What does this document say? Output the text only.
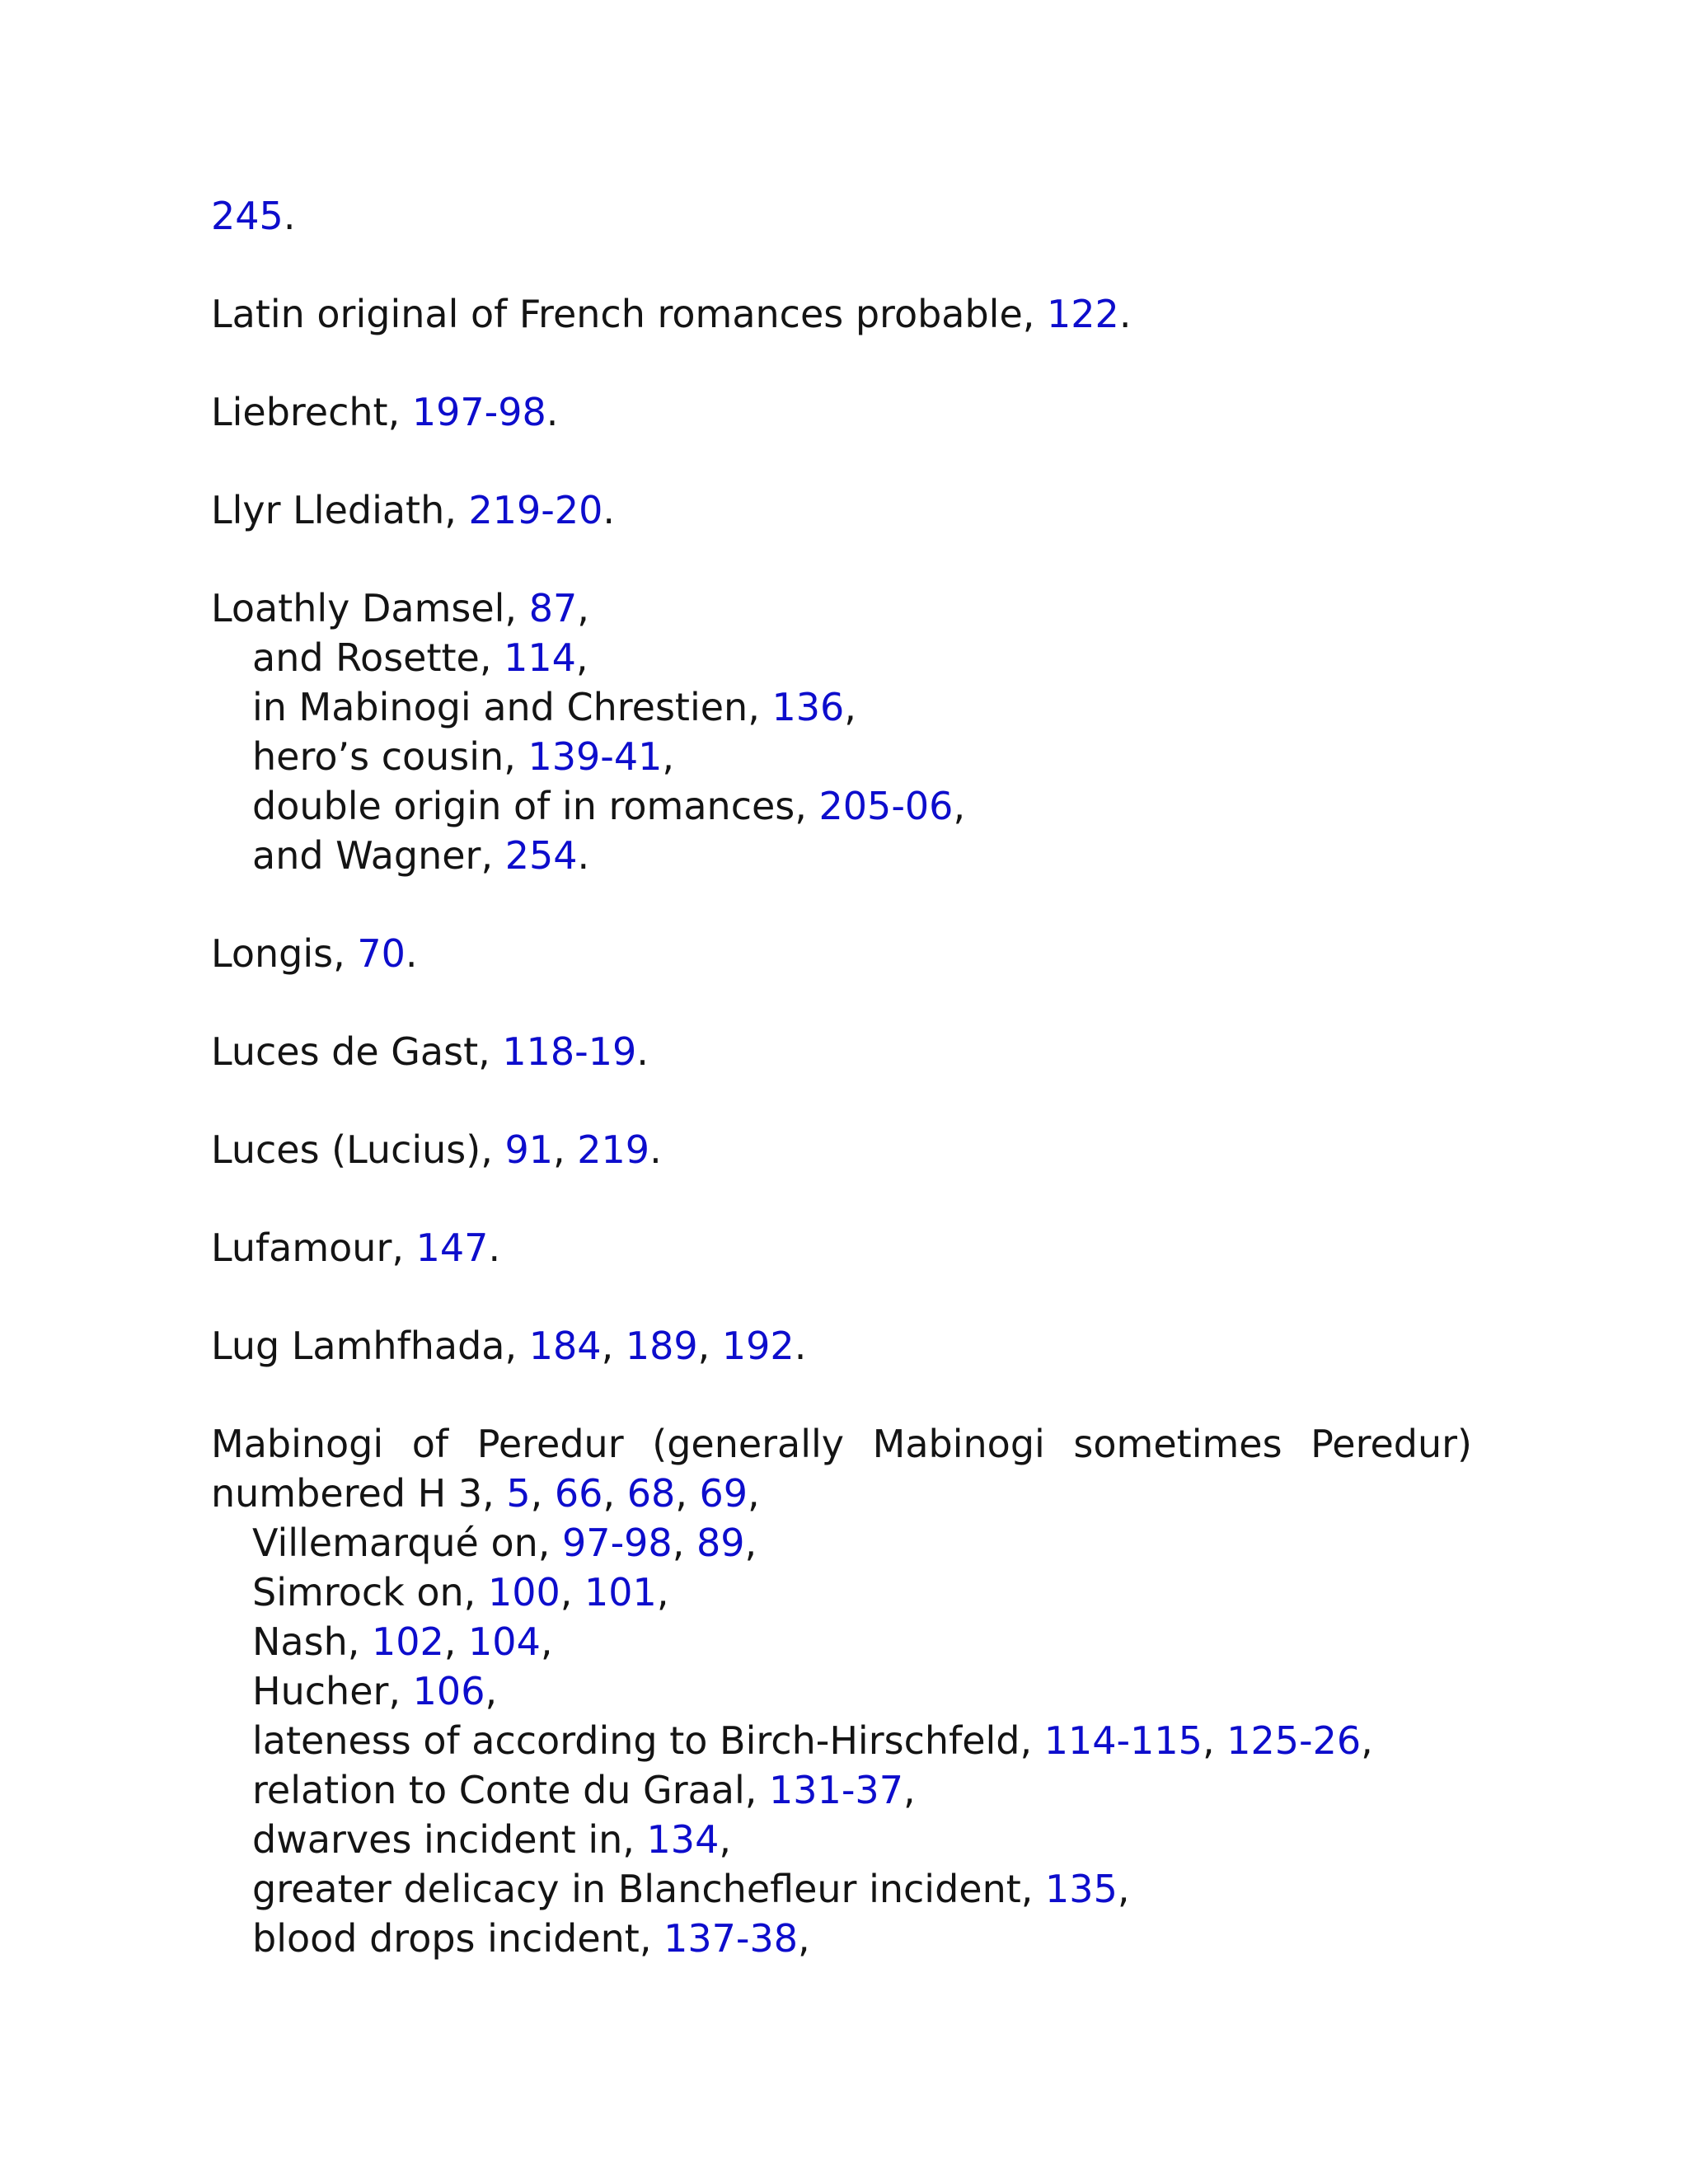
245.
Latin original of French romances probable, 122.
Liebrecht, 197-98.
Llyr Llediath, 219-20.
Loathly Damsel, 87,
and Rosette, 114,
in Mabinogi and Chrestien, 136,
hero’s cousin, 139-41,
double origin of in romances, 205-06,
and Wagner, 254.
Longis, 70.
Luces de Gast, 118-19.
Luces (Lucius), 91, 219.
Lufamour, 147.
Lug Lamhfhada, 184, 189, 192.
Mabinogi of Peredur (generally Mabinogi sometimes Peredur)
numbered H 3, 5, 66, 68, 69,
Villemarqué on, 97-98, 89,
Simrock on, 100, 101,
Nash, 102, 104,
Hucher, 106,
lateness of according to Birch-Hirschfeld, 114-115, 125-26,
relation to Conte du Graal, 131-37,
dwarves incident in, 134,
greater delicacy in Blanchefleur incident, 135,
blood drops incident, 137-38,
